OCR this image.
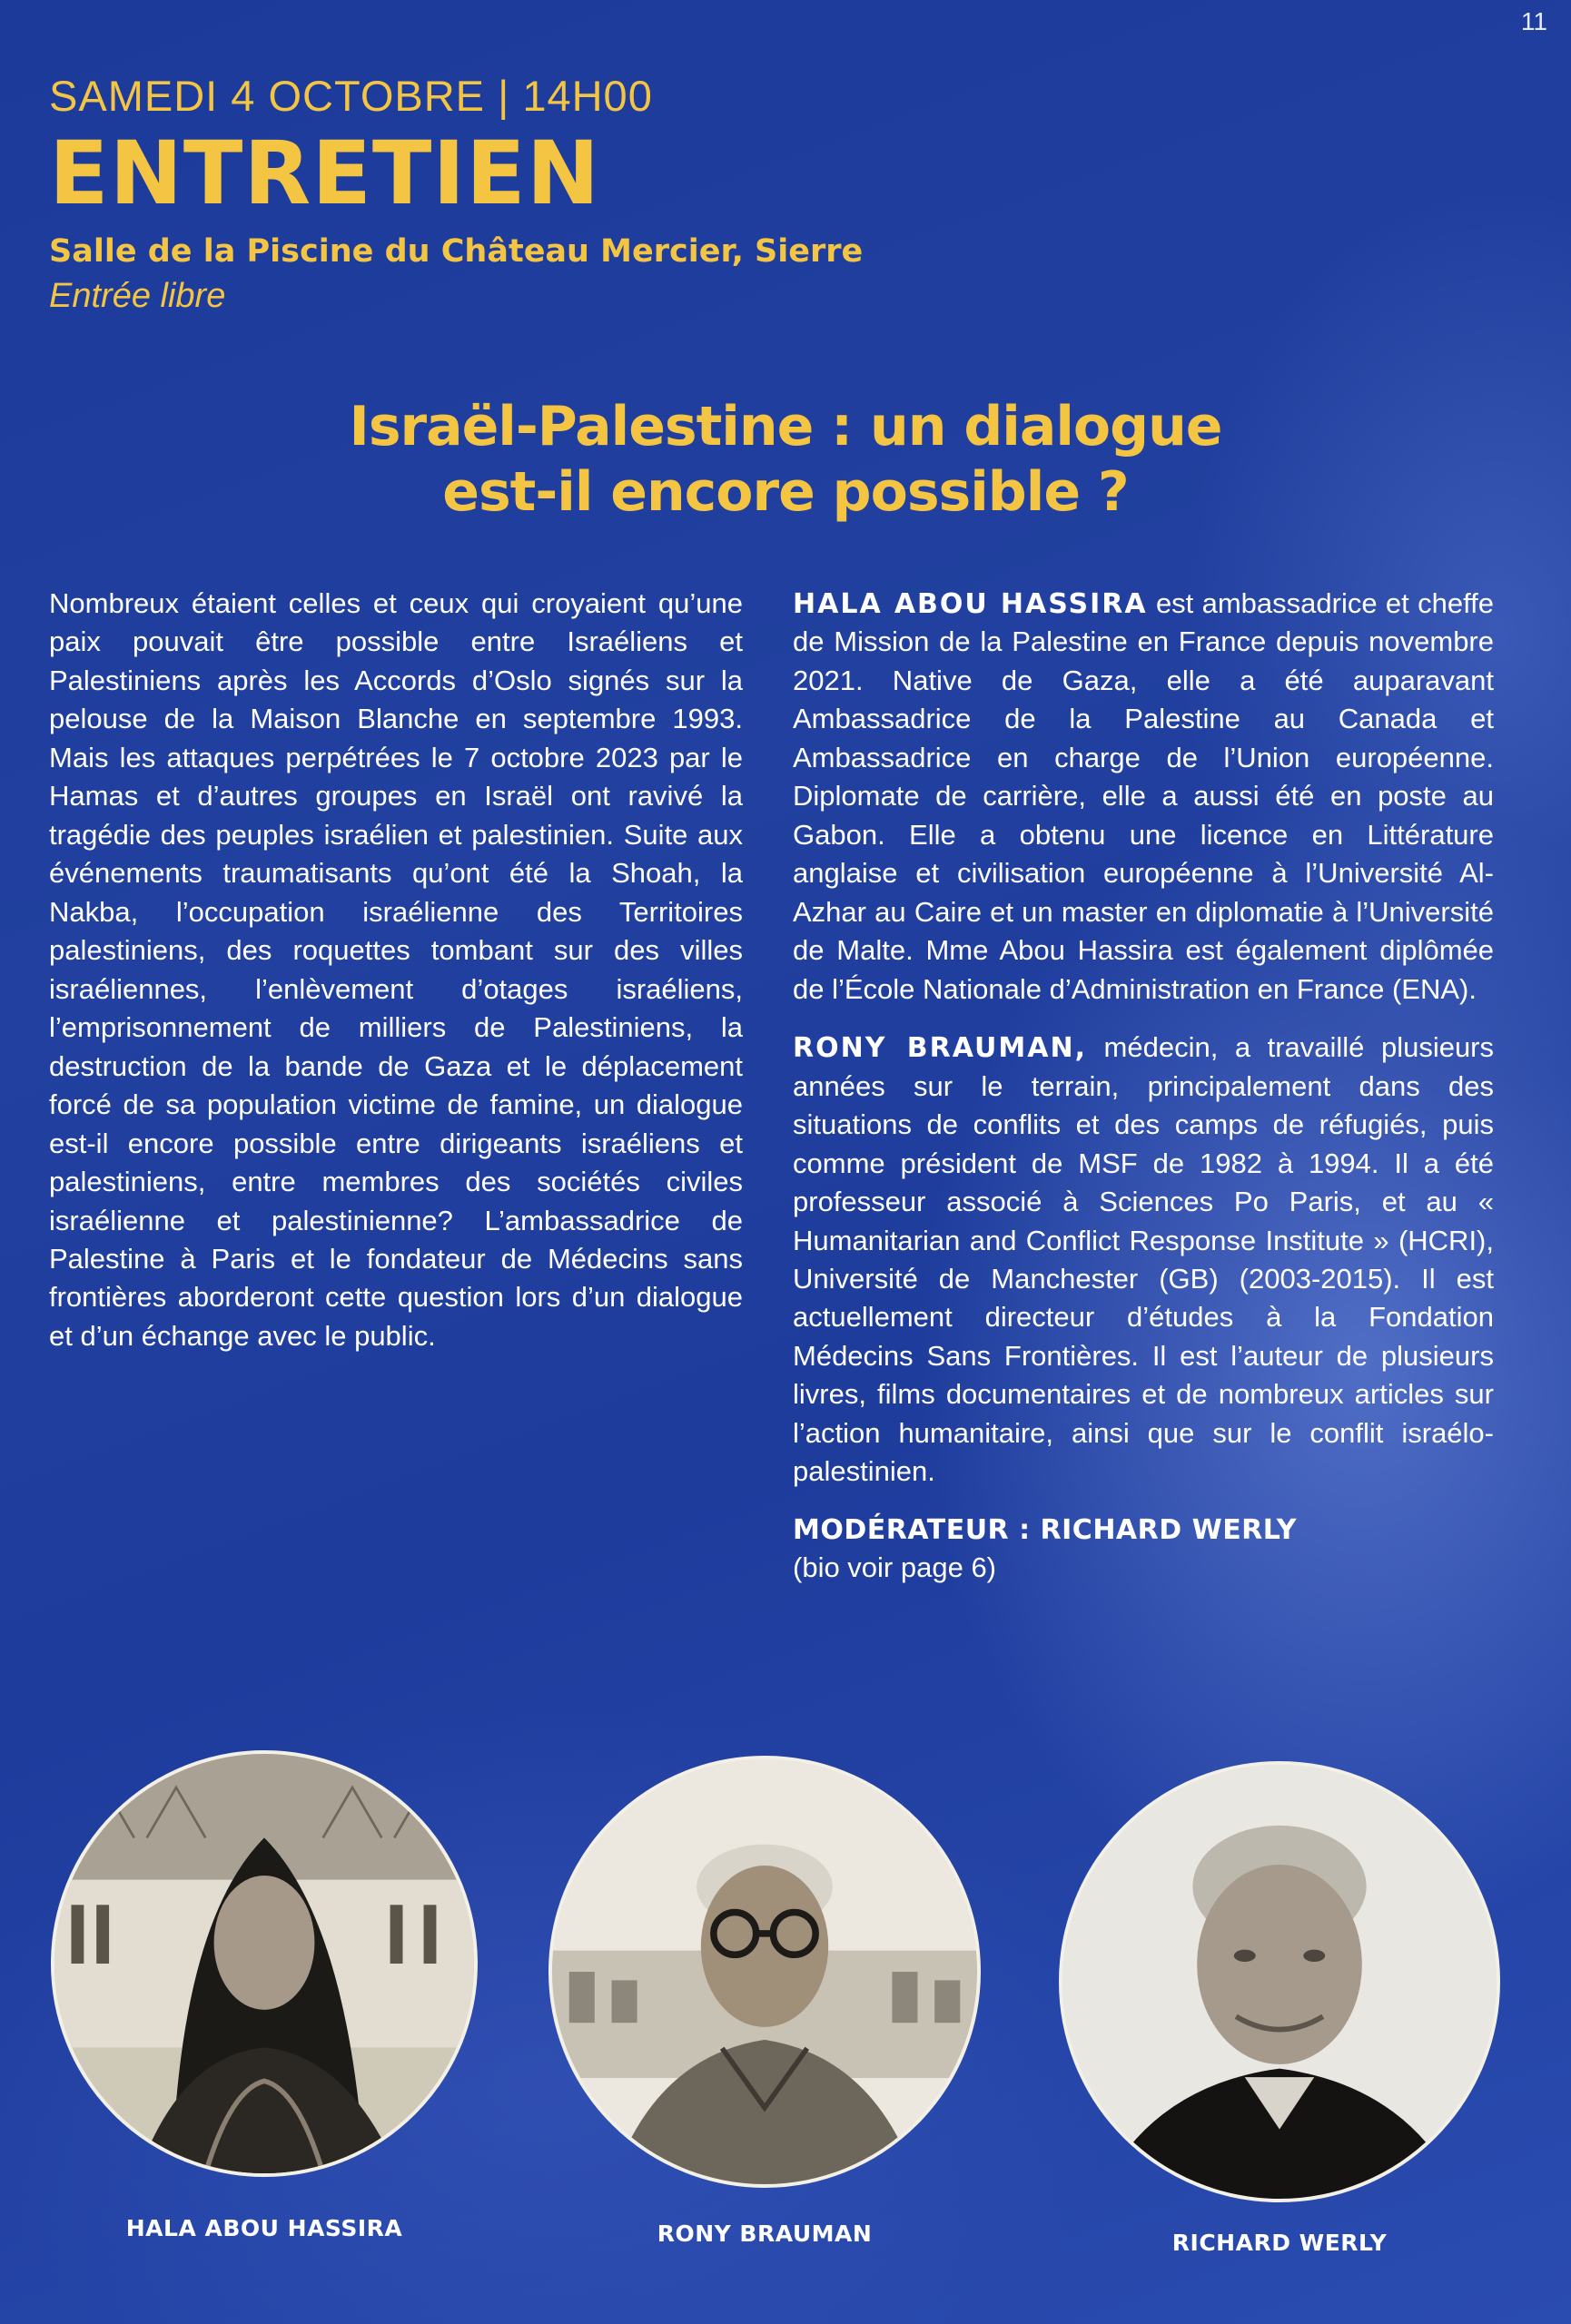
11
SAMEDI 4 OCTOBRE | 14H00
ENTRETIEN
Salle de la Piscine du Château Mercier, Sierre
Entrée libre
Israël-Palestine : un dialogue
est-il encore possible ?

Nombreux étaient celles et ceux qui croyaient qu’une paix pouvait être possible entre Israéliens et Palestiniens après les Accords d’Oslo signés sur la pelouse de la Maison Blanche en septembre 1993. Mais les attaques perpétrées le 7 octobre 2023 par le Hamas et d’autres groupes en Israël ont ravivé la tragédie des peuples israélien et palestinien. Suite aux événements traumatisants qu’ont été la Shoah, la Nakba, l’occupation israélienne des Territoires palestiniens, des roquettes tombant sur des villes israéliennes, l’enlèvement d’otages israéliens, l’emprisonnement de milliers de Palestiniens, la destruction de la bande de Gaza et le déplacement forcé de sa population victime de famine, un dialogue est-il encore possible entre dirigeants israéliens et palestiniens, entre membres des sociétés civiles israélienne et palestinienne? L’ambassadrice de Palestine à Paris et le fondateur de Médecins sans frontières aborderont cette question lors d’un dialogue et d’un échange avec le public.

HALA ABOU HASSIRA est ambassadrice et cheffe de Mission de la Palestine en France depuis novembre 2021. Native de Gaza, elle a été auparavant Ambassadrice de la Palestine au Canada et Ambassadrice en charge de l’Union européenne. Diplomate de carrière, elle a aussi été en poste au Gabon. Elle a obtenu une licence en Littérature anglaise et civilisation européenne à l’Université Al-Azhar au Caire et un master en diplomatie à l’Université de Malte. Mme Abou Hassira est également diplômée de l’École Nationale d’Administration en France (ENA).

RONY BRAUMAN, médecin, a travaillé plusieurs années sur le terrain, principalement dans des situations de conflits et des camps de réfugiés, puis comme président de MSF de 1982 à 1994. Il a été professeur associé à Sciences Po Paris, et au « Humanitarian and Conflict Response Institute » (HCRI), Université de Manchester (GB) (2003-2015). Il est actuellement directeur d’études à la Fondation Médecins Sans Frontières. Il est l’auteur de plusieurs livres, films documentaires et de nombreux articles sur l’action humanitaire, ainsi que sur le conflit israélo-palestinien.

MODÉRATEUR : RICHARD WERLY
(bio voir page 6)
HALA ABOU HASSIRA	RONY BRAUMAN	RICHARD WERLY
